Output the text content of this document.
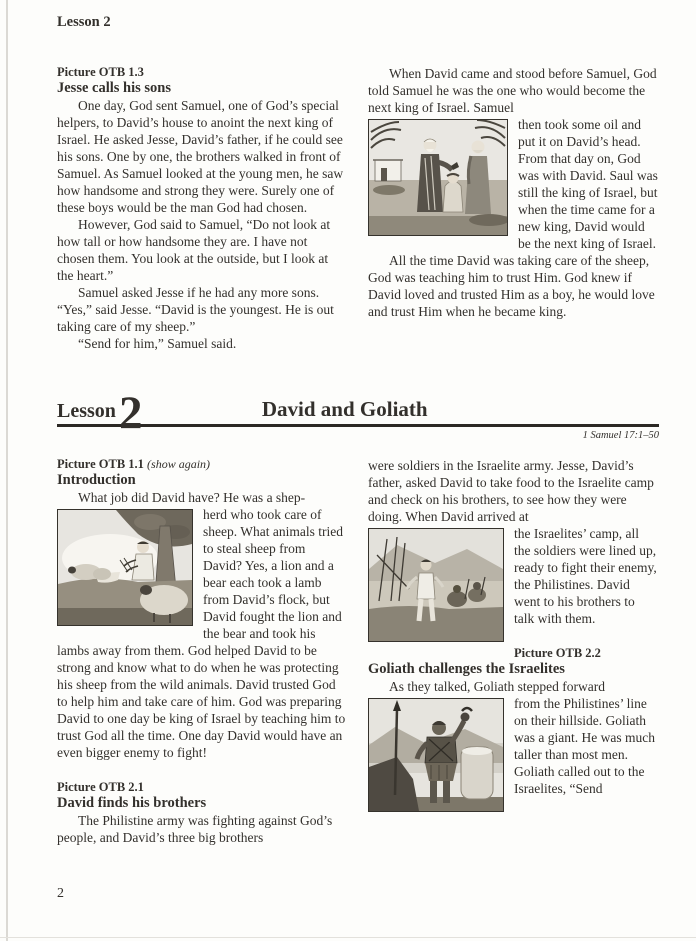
Lesson 2
Picture OTB 1.3
Jesse calls his sons

One day, God sent Samuel, one of God’s special helpers, to David’s house to anoint the next king of Israel. He asked Jesse, David’s father, if he could see his sons. One by one, the brothers walked in front of Samuel. As Samuel looked at the young men, he saw how handsome and strong they were. Surely one of these boys would be the man God had chosen.

However, God said to Samuel, “Do not look at how tall or how handsome they are. I have not chosen them. You look at the outside, but I look at the heart.”

Samuel asked Jesse if he had any more sons. “Yes,” said Jesse. “David is the youngest. He is out taking care of my sheep.”

“Send for him,” Samuel said.

When David came and stood before Samuel, God told Samuel he was the one who would become the next king of Israel. Samuel

then took some oil and put it on David’s head. From that day on, God was with David. Saul was still the king of Israel, but when the time came for a new king, David would be the next king of Israel.

All the time David was taking care of the sheep, God was teaching him to trust Him. God knew if David loved and trusted Him as a boy, he would love and trust Him when he became king.

Lesson 2	David and Goliath
1 Samuel 17:1–50
Picture OTB 1.1 (show again)
Introduction

What job did David have? He was a shep-

herd who took care of sheep. What animals tried to steal sheep from David? Yes, a lion and a bear each took a lamb from David’s flock, but David fought the lion and the bear and took his lambs away from them. God helped David to be strong and know what to do when he was protecting his sheep from the wild animals. David trusted God to help him and take care of him. God was preparing David to one day be king of Israel by teaching him to trust God all the time. One day David would have an even bigger enemy to fight!
Picture OTB 2.1
David finds his brothers

The Philistine army was fighting against God’s people, and David’s three big brothers

were soldiers in the Israelite army. Jesse, David’s father, asked David to take food to the Israelite camp and check on his brothers, to see how they were doing. When David arrived at

the Israelites’ camp, all the soldiers were lined up, ready to fight their enemy, the Philistines. David went to his brothers to talk with them.
Picture OTB 2.2
Goliath challenges the Israelites

As they talked, Goliath stepped forward

from the Philistines’ line on their hillside. Goliath was a giant. He was much taller than most men. Goliath called out to the Israelites, “Send
2
